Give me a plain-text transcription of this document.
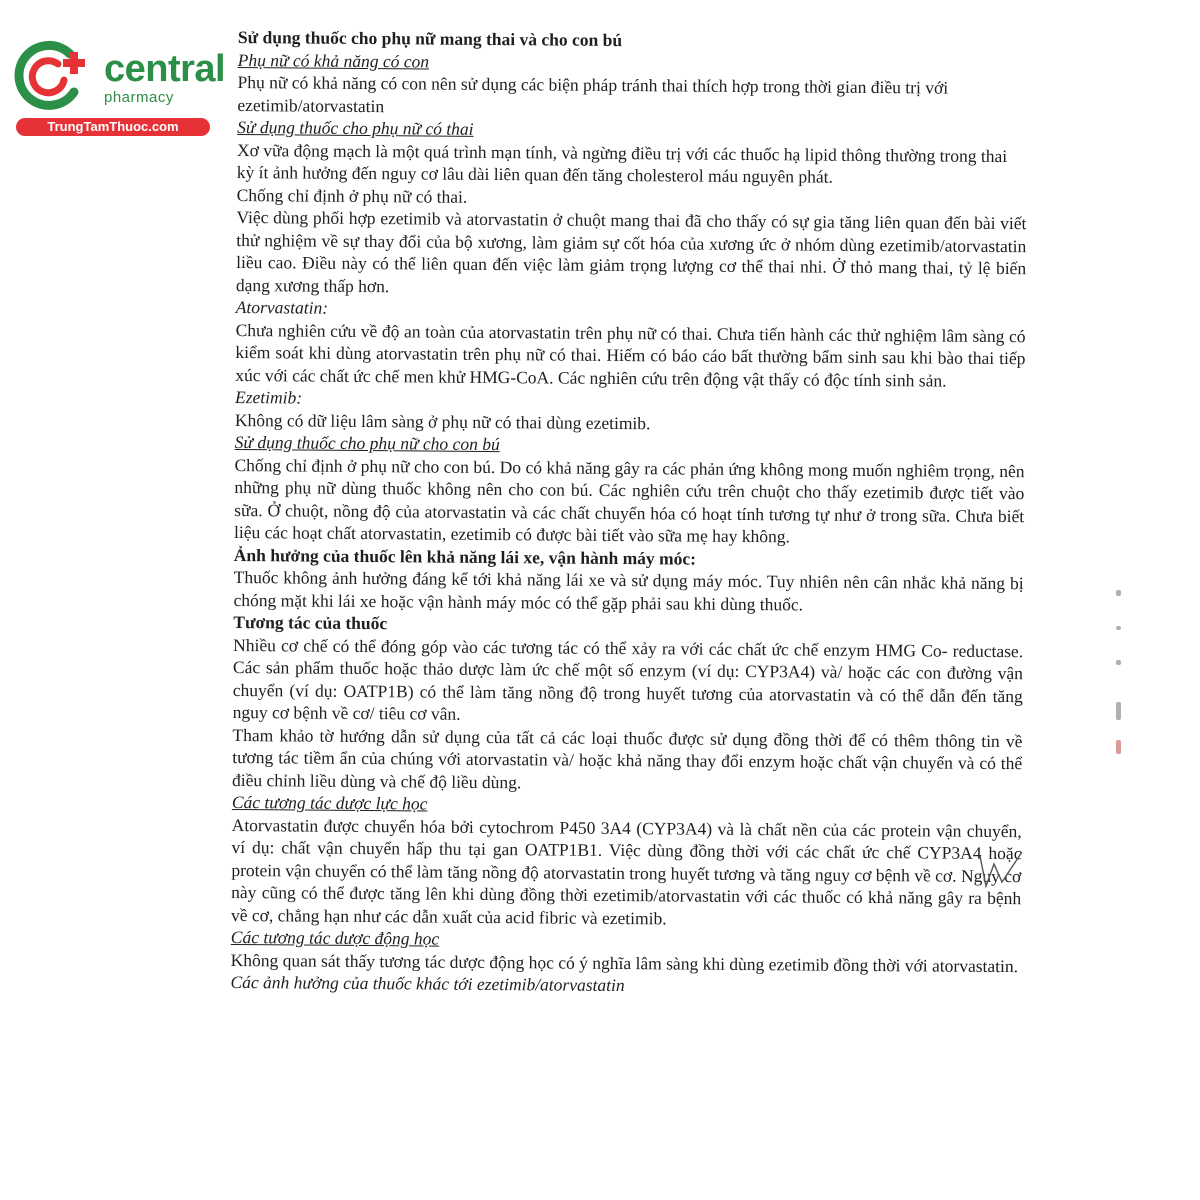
central
pharmacy
TrungTamThuoc.com

Sử dụng thuốc cho phụ nữ mang thai và cho con bú

Phụ nữ có khả năng có con

Phụ nữ có khả năng có con nên sử dụng các biện pháp tránh thai thích hợp trong thời gian điều trị với ezetimib/atorvastatin

Sử dụng thuốc cho phụ nữ có thai

Xơ vữa động mạch là một quá trình mạn tính, và ngừng điều trị với các thuốc hạ lipid thông thường trong thai kỳ ít ảnh hưởng đến nguy cơ lâu dài liên quan đến tăng cholesterol máu nguyên phát.

Chống chỉ định ở phụ nữ có thai.

Việc dùng phối hợp ezetimib và atorvastatin ở chuột mang thai đã cho thấy có sự gia tăng liên quan đến bài viết thử nghiệm về sự thay đổi của bộ xương, làm giảm sự cốt hóa của xương ức ở nhóm dùng ezetimib/atorvastatin liều cao. Điều này có thể liên quan đến việc làm giảm trọng lượng cơ thể thai nhi. Ở thỏ mang thai, tỷ lệ biến dạng xương thấp hơn.

Atorvastatin:

Chưa nghiên cứu về độ an toàn của atorvastatin trên phụ nữ có thai. Chưa tiến hành các thử nghiệm lâm sàng có kiểm soát khi dùng atorvastatin trên phụ nữ có thai. Hiếm có báo cáo bất thường bẩm sinh sau khi bào thai tiếp xúc với các chất ức chế men khử HMG-CoA. Các nghiên cứu trên động vật thấy có độc tính sinh sản.

Ezetimib:

Không có dữ liệu lâm sàng ở phụ nữ có thai dùng ezetimib.

Sử dụng thuốc cho phụ nữ cho con bú

Chống chỉ định ở phụ nữ cho con bú. Do có khả năng gây ra các phản ứng không mong muốn nghiêm trọng, nên những phụ nữ dùng thuốc không nên cho con bú. Các nghiên cứu trên chuột cho thấy ezetimib được tiết vào sữa. Ở chuột, nồng độ của atorvastatin và các chất chuyển hóa có hoạt tính tương tự như ở trong sữa. Chưa biết liệu các hoạt chất atorvastatin, ezetimib có được bài tiết vào sữa mẹ hay không.

Ảnh hưởng của thuốc lên khả năng lái xe, vận hành máy móc:

Thuốc không ảnh hưởng đáng kể tới khả năng lái xe và sử dụng máy móc. Tuy nhiên nên cân nhắc khả năng bị chóng mặt khi lái xe hoặc vận hành máy móc có thể gặp phải sau khi dùng thuốc.

Tương tác của thuốc

Nhiều cơ chế có thể đóng góp vào các tương tác có thể xảy ra với các chất ức chế enzym HMG Co- reductase. Các sản phẩm thuốc hoặc thảo dược làm ức chế một số enzym (ví dụ: CYP3A4) và/ hoặc các con đường vận chuyển (ví dụ: OATP1B) có thể làm tăng nồng độ trong huyết tương của atorvastatin và có thể dẫn đến tăng nguy cơ bệnh về cơ/ tiêu cơ vân.

Tham khảo tờ hướng dẫn sử dụng của tất cả các loại thuốc được sử dụng đồng thời để có thêm thông tin về tương tác tiềm ẩn của chúng với atorvastatin và/ hoặc khả năng thay đổi enzym hoặc chất vận chuyển và có thể điều chỉnh liều dùng và chế độ liều dùng.

Các tương tác dược lực học

Atorvastatin được chuyển hóa bởi cytochrom P450 3A4 (CYP3A4) và là chất nền của các protein vận chuyển, ví dụ: chất vận chuyển hấp thu tại gan OATP1B1. Việc dùng đồng thời với các chất ức chế CYP3A4 hoặc protein vận chuyển có thể làm tăng nồng độ atorvastatin trong huyết tương và tăng nguy cơ bệnh về cơ. Nguy cơ này cũng có thể được tăng lên khi dùng đồng thời ezetimib/atorvastatin với các thuốc có khả năng gây ra bệnh về cơ, chẳng hạn như các dẫn xuất của acid fibric và ezetimib.

Các tương tác dược động học

Không quan sát thấy tương tác dược động học có ý nghĩa lâm sàng khi dùng ezetimib đồng thời với atorvastatin.

Các ảnh hưởng của thuốc khác tới ezetimib/atorvastatin
